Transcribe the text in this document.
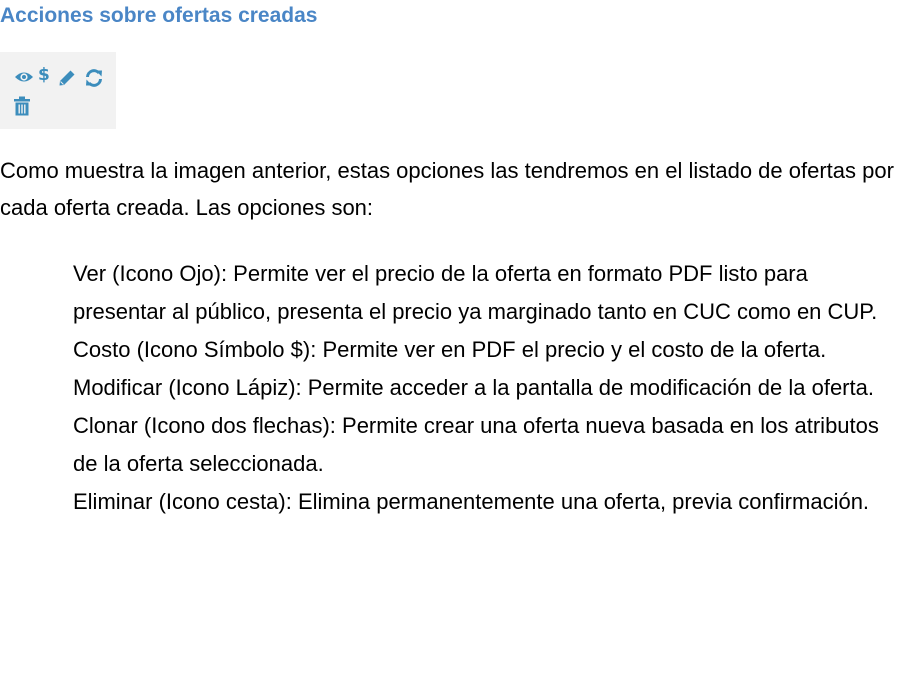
Acciones sobre ofertas creadas
$

Como muestra la imagen anterior, estas opciones las tendremos en el listado de ofertas por cada oferta creada. Las opciones son:

Ver (Icono Ojo): Permite ver el precio de la oferta en formato PDF listo para presentar al público, presenta el precio ya marginado tanto en CUC como en CUP.
Costo (Icono Símbolo $): Permite ver en PDF el precio y el costo de la oferta.
Modificar (Icono Lápiz): Permite acceder a la pantalla de modificación de la oferta.
Clonar (Icono dos flechas): Permite crear una oferta nueva basada en los atributos de la oferta seleccionada.
Eliminar (Icono cesta): Elimina permanentemente una oferta, previa confirmación.
